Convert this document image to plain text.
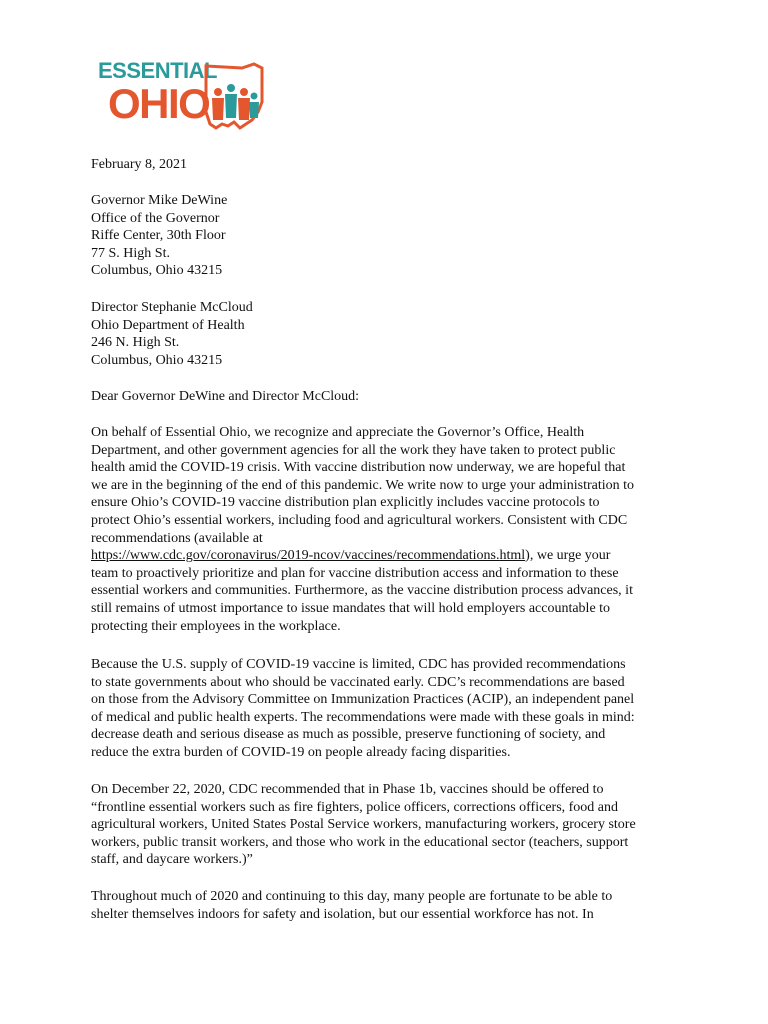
ESSENTIAL
OHIO
February 8, 2021
Governor Mike DeWine
Office of the Governor
Riffe Center, 30th Floor
77 S. High St.
Columbus, Ohio 43215
Director Stephanie McCloud
Ohio Department of Health
246 N. High St.
Columbus, Ohio 43215
Dear Governor DeWine and Director McCloud:
On behalf of Essential Ohio, we recognize and appreciate the Governor’s Office, Health
Department, and other government agencies for all the work they have taken to protect public
health amid the COVID-19 crisis. With vaccine distribution now underway, we are hopeful that
we are in the beginning of the end of this pandemic. We write now to urge your administration to
ensure Ohio’s COVID-19 vaccine distribution plan explicitly includes vaccine protocols to
protect Ohio’s essential workers, including food and agricultural workers. Consistent with CDC
recommendations (available at
https://www.cdc.gov/coronavirus/2019-ncov/vaccines/recommendations.html), we urge your
team to proactively prioritize and plan for vaccine distribution access and information to these
essential workers and communities. Furthermore, as the vaccine distribution process advances, it
still remains of utmost importance to issue mandates that will hold employers accountable to
protecting their employees in the workplace.
Because the U.S. supply of COVID-19 vaccine is limited, CDC has provided recommendations
to state governments about who should be vaccinated early. CDC’s recommendations are based
on those from the Advisory Committee on Immunization Practices (ACIP), an independent panel
of medical and public health experts. The recommendations were made with these goals in mind:
decrease death and serious disease as much as possible, preserve functioning of society, and
reduce the extra burden of COVID-19 on people already facing disparities.
On December 22, 2020, CDC recommended that in Phase 1b, vaccines should be offered to
“frontline essential workers such as fire fighters, police officers, corrections officers, food and
agricultural workers, United States Postal Service workers, manufacturing workers, grocery store
workers, public transit workers, and those who work in the educational sector (teachers, support
staff, and daycare workers.)”
Throughout much of 2020 and continuing to this day, many people are fortunate to be able to
shelter themselves indoors for safety and isolation, but our essential workforce has not. In
